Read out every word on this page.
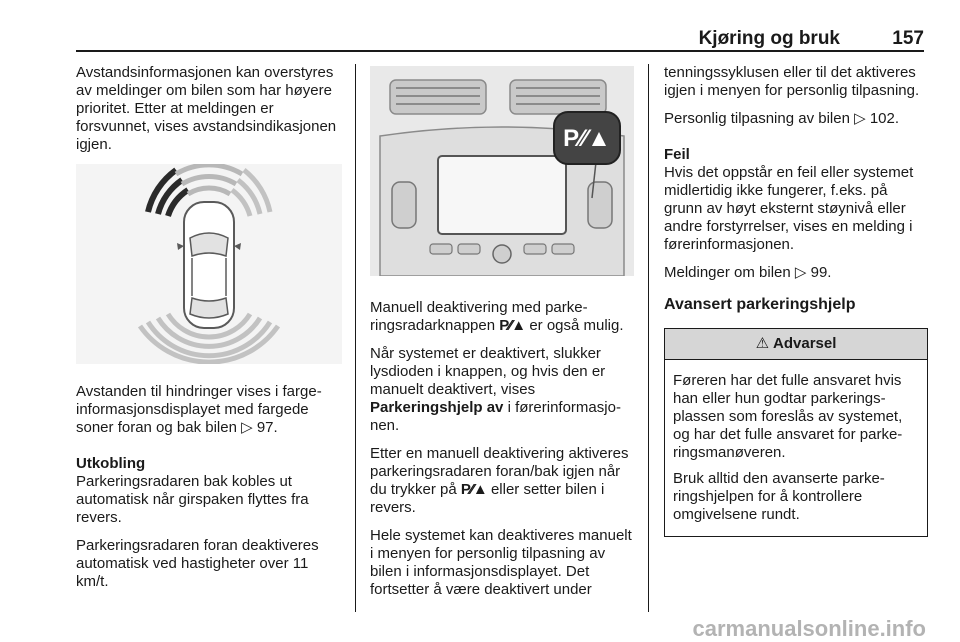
Kjøring og bruk	157

Avstandsinformasjonen kan overstyres av meldinger om bilen som har høyere prioritet. Etter at meldingen er forsvunnet, vises avstandsindikasjonen igjen.

Avstanden til hindringer vises i fargeinformasjonsdisplayet med fargede soner foran og bak bilen ▷ 97.

Utkobling

Parkeringsradaren bak kobles ut automatisk når girspaken flyttes fra revers.

Parkeringsradaren foran deaktiveres automatisk ved hastigheter over 11 km/t.

P⁄⁄▲

Manuell deaktivering med parkeringsradarknappen P⁄⁄▲ er også mulig.

Når systemet er deaktivert, slukker lysdioden i knappen, og hvis den er manuelt deaktivert, vises Parkeringshjelp av i førerinformasjonen.

Etter en manuell deaktivering aktiveres parkeringsradaren foran/bak igjen når du trykker på P⁄⁄▲ eller setter bilen i revers.

Hele systemet kan deaktiveres manuelt i menyen for personlig tilpasning av bilen i informasjonsdisplayet. Det fortsetter å være deaktivert under

tenningssyklusen eller til det aktiveres igjen i menyen for personlig tilpasning.

Personlig tilpasning av bilen ▷ 102.

Feil

Hvis det oppstår en feil eller systemet midlertidig ikke fungerer, f.eks. på grunn av høyt eksternt støynivå eller andre forstyrrelser, vises en melding i førerinformasjonen.

Meldinger om bilen ▷ 99.

Avansert parkeringshjelp

⚠ Advarsel

Føreren har det fulle ansvaret hvis han eller hun godtar parkeringsplassen som foreslås av systemet, og har det fulle ansvaret for parkeringsmanøveren.

Bruk alltid den avanserte parkeringshjelpen for å kontrollere omgivelsene rundt.

carmanualsonline.info
